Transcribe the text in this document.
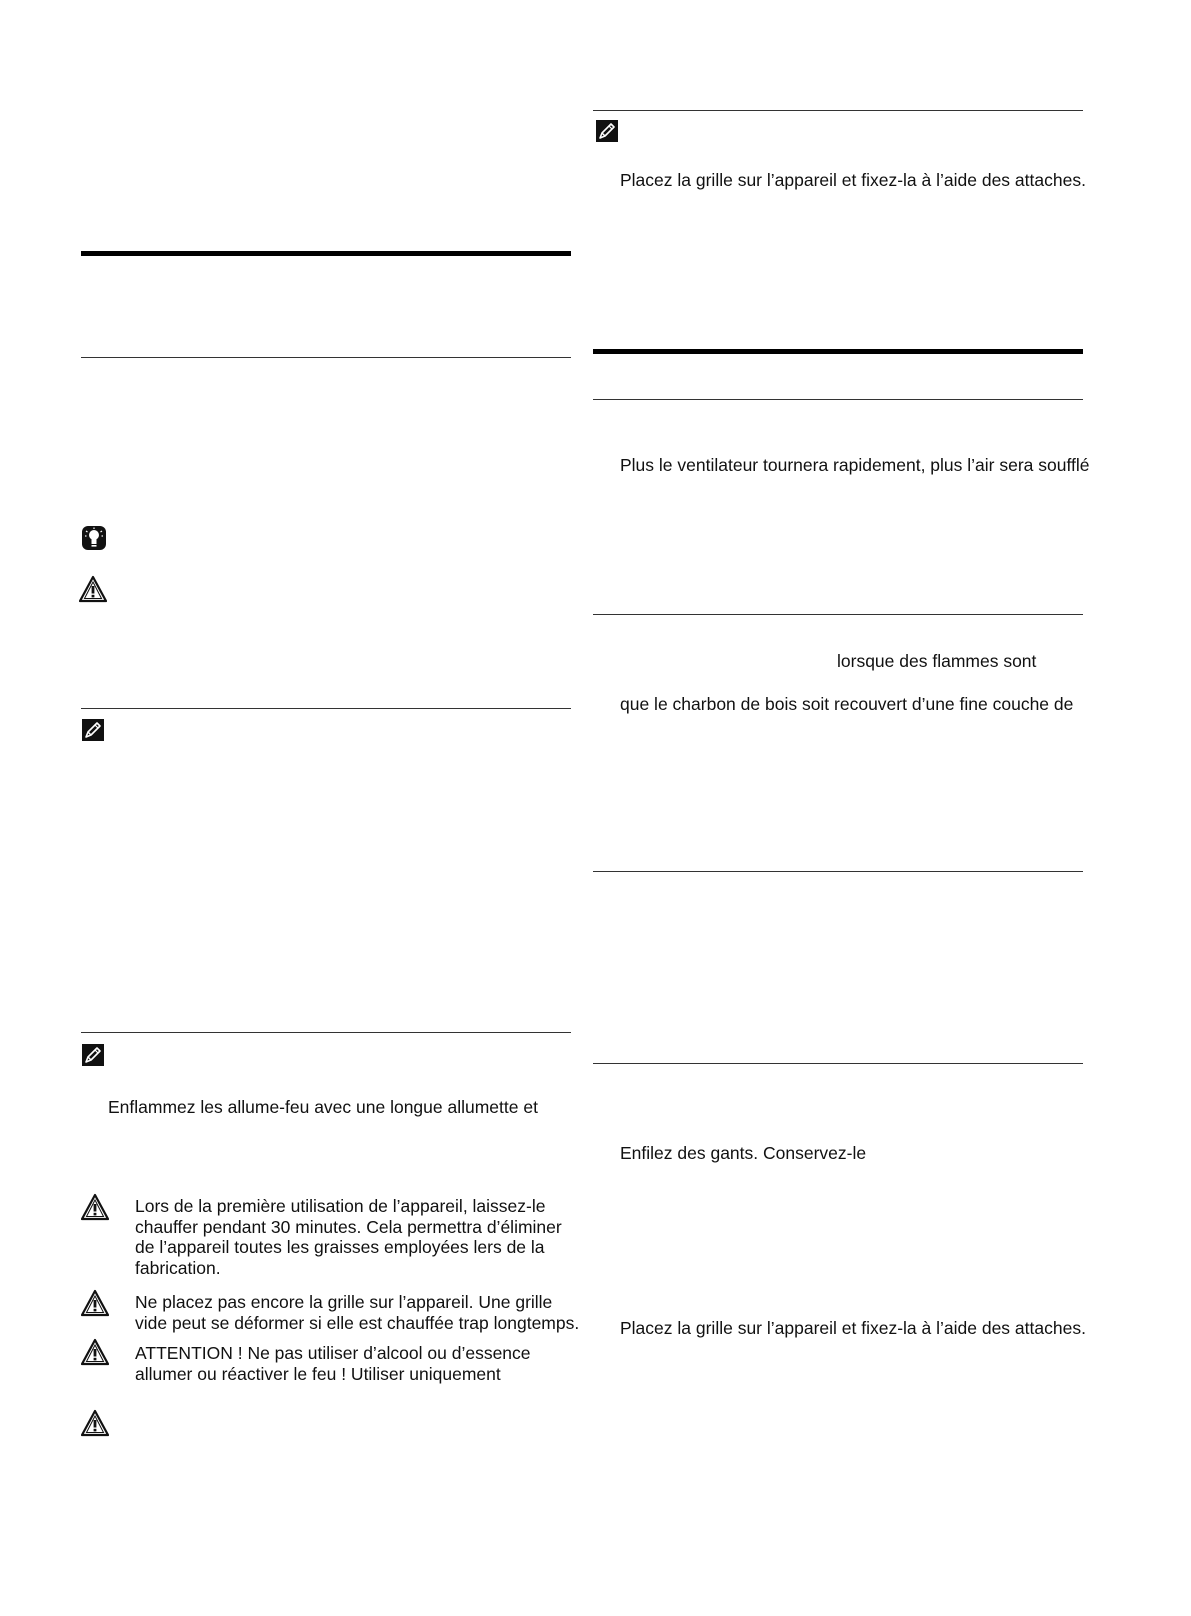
Enflammez les allume-feu avec une longue allumette et
Lors de la première utilisation de l’appareil, laissez-le chauffer pendant 30 minutes. Cela permettra d’éliminer de l’appareil toutes les graisses employées lers de la fabrication.
Ne placez pas encore la grille sur l’appareil. Une grille vide peut se déformer si elle est chauffée trap longtemps.
ATTENTION ! Ne pas utiliser d’alcool ou d’essence allumer ou réactiver le feu ! Utiliser uniquement
Placez la grille sur l’appareil et fixez-la à l’aide des attaches.
Plus le ventilateur tournera rapidement, plus l’air sera soufflé
lorsque des flammes sont
que le charbon de bois soit recouvert d’une fine couche de
Enfilez des gants. Conservez-le
Placez la grille sur l’appareil et fixez-la à l’aide des attaches.
